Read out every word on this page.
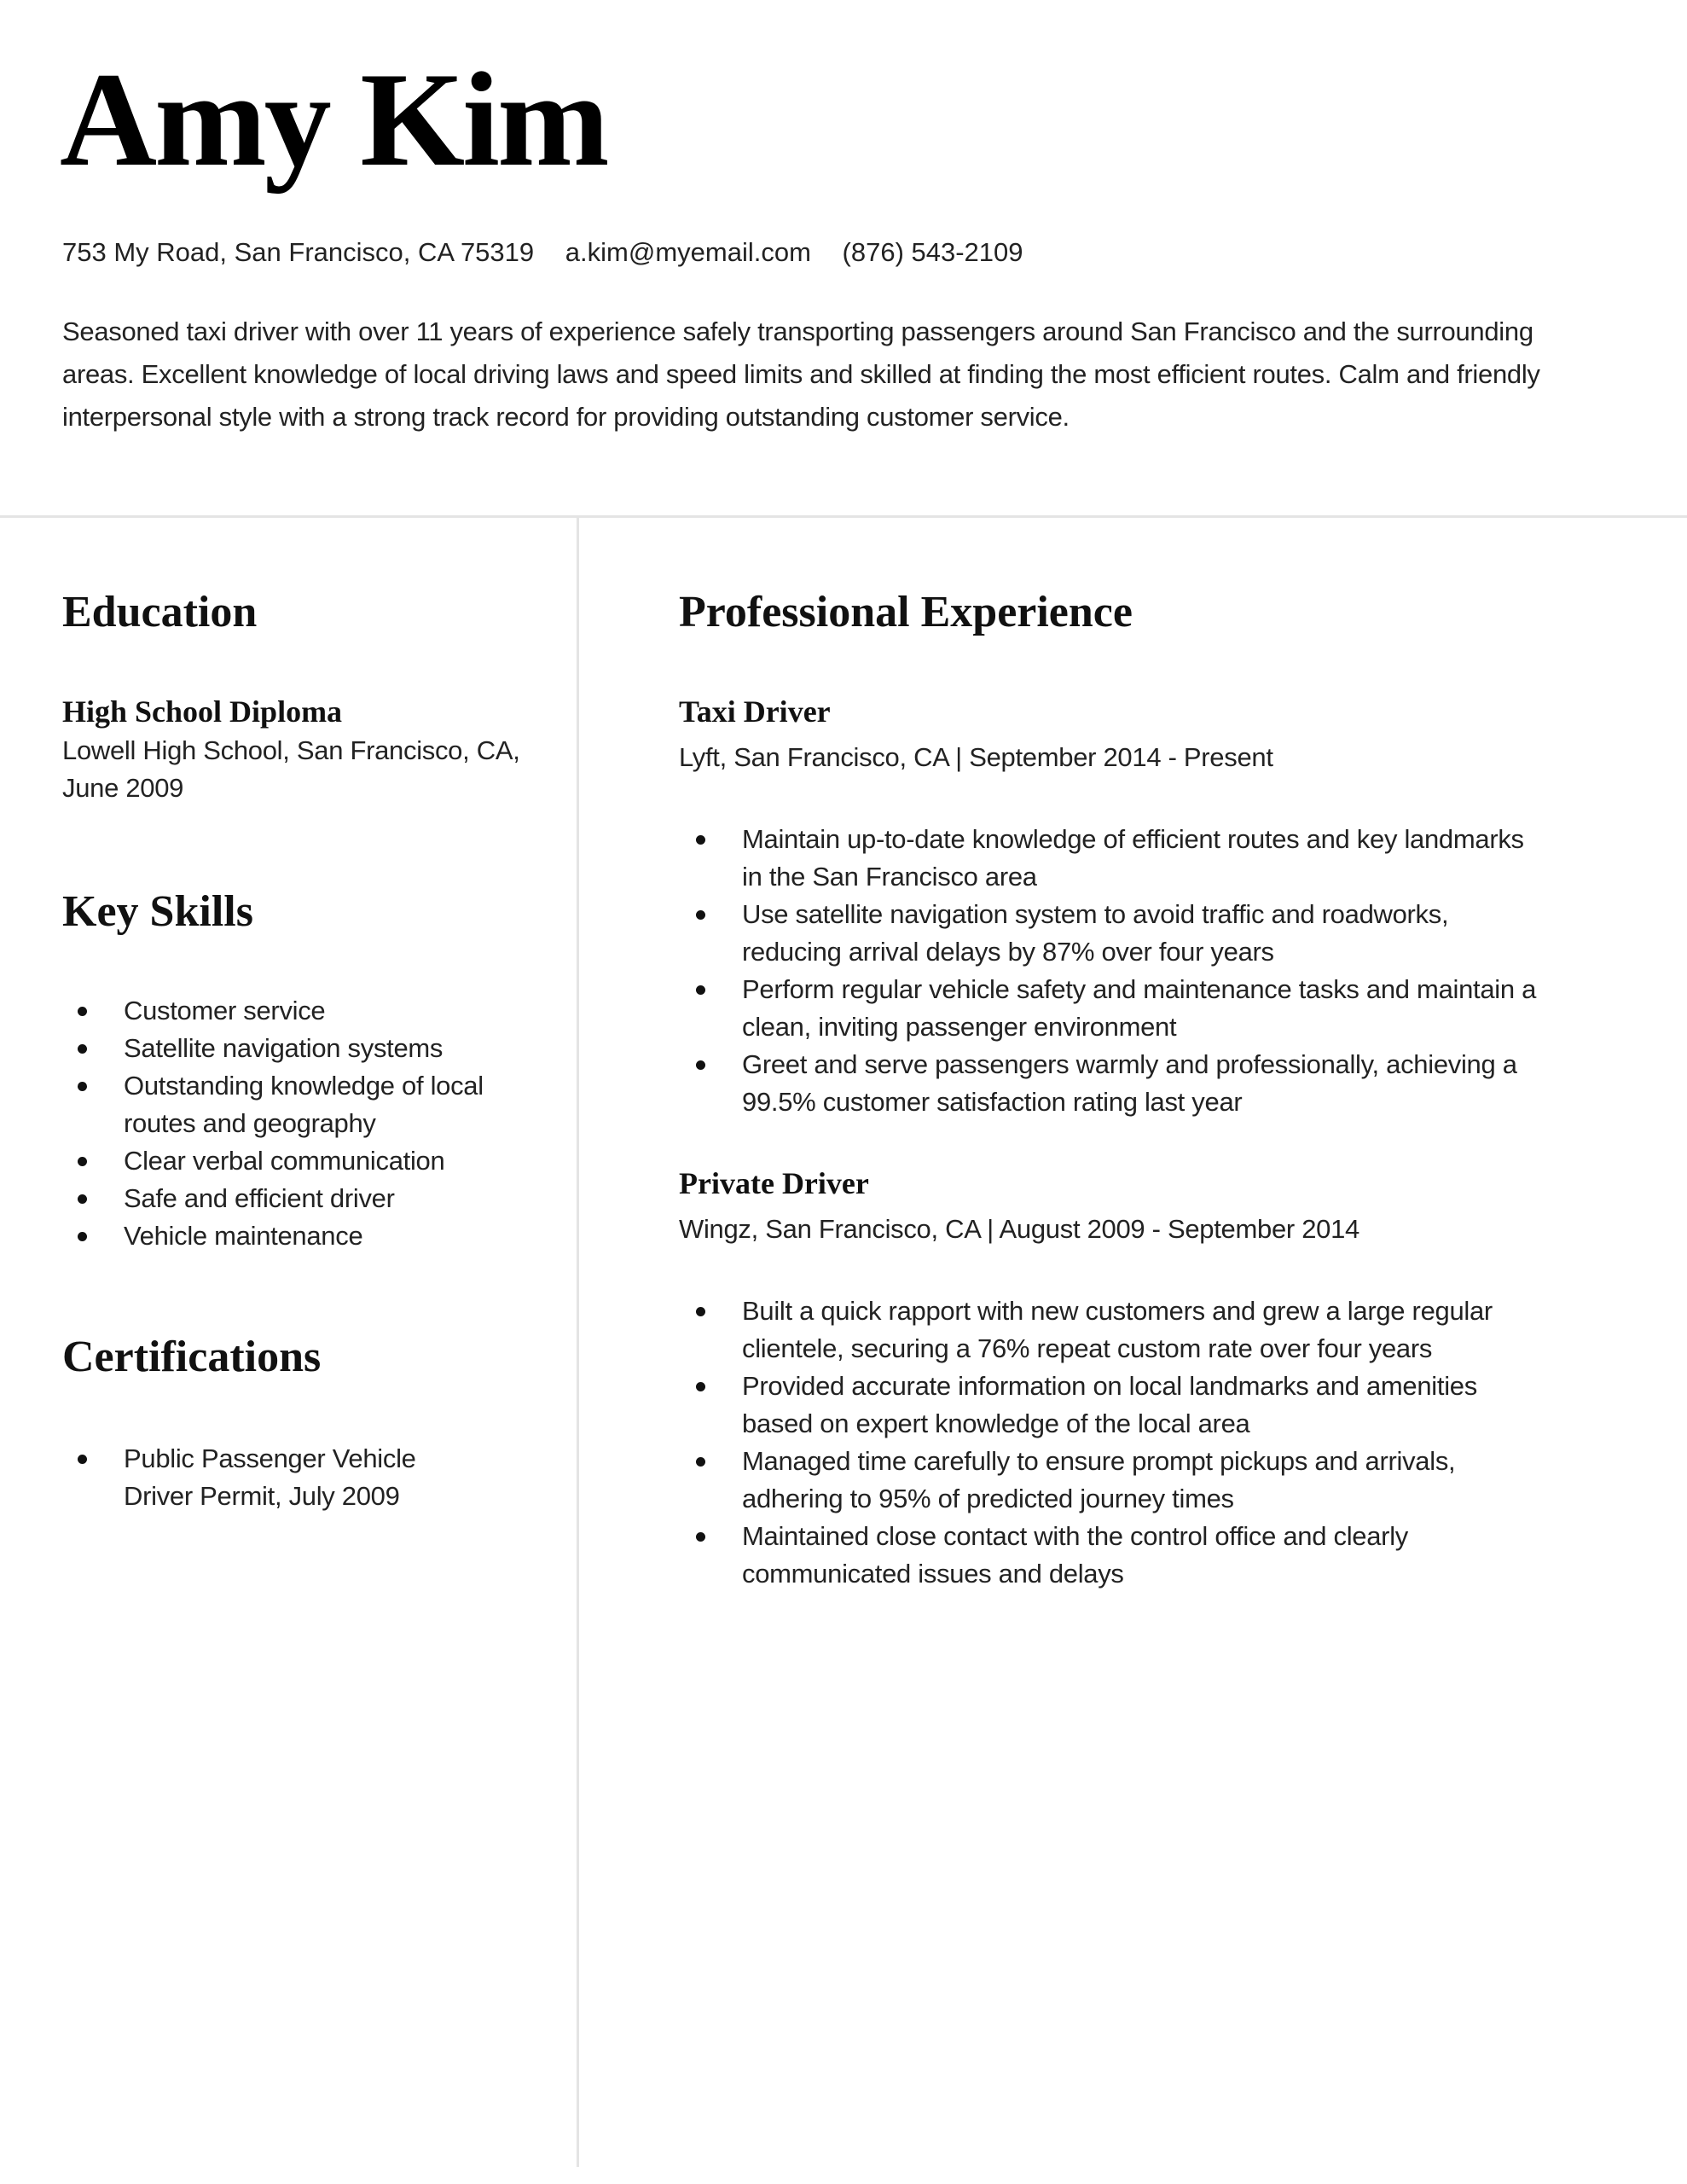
Amy Kim
753 My Road, San Francisco, CA 75319 a.kim@myemail.com (876) 543-2109
Seasoned taxi driver with over 11 years of experience safely transporting passengers around San Francisco and the surrounding areas. Excellent knowledge of local driving laws and speed limits and skilled at finding the most efficient routes. Calm and friendly interpersonal style with a strong track record for providing outstanding customer service.
Education
High School Diploma
Lowell High School, San Francisco, CA, June 2009
Key Skills
Customer service
Satellite navigation systems
Outstanding knowledge of local routes and geography
Clear verbal communication
Safe and efficient driver
Vehicle maintenance
Certifications
Public Passenger Vehicle Driver Permit, July 2009
Professional Experience
Taxi Driver
Lyft, San Francisco, CA | September 2014 - Present
Maintain up-to-date knowledge of efficient routes and key landmarks in the San Francisco area
Use satellite navigation system to avoid traffic and roadworks, reducing arrival delays by 87% over four years
Perform regular vehicle safety and maintenance tasks and maintain a clean, inviting passenger environment
Greet and serve passengers warmly and professionally, achieving a 99.5% customer satisfaction rating last year
Private Driver
Wingz, San Francisco, CA | August 2009 - September 2014
Built a quick rapport with new customers and grew a large regular clientele, securing a 76% repeat custom rate over four years
Provided accurate information on local landmarks and amenities based on expert knowledge of the local area
Managed time carefully to ensure prompt pickups and arrivals, adhering to 95% of predicted journey times
Maintained close contact with the control office and clearly communicated issues and delays
